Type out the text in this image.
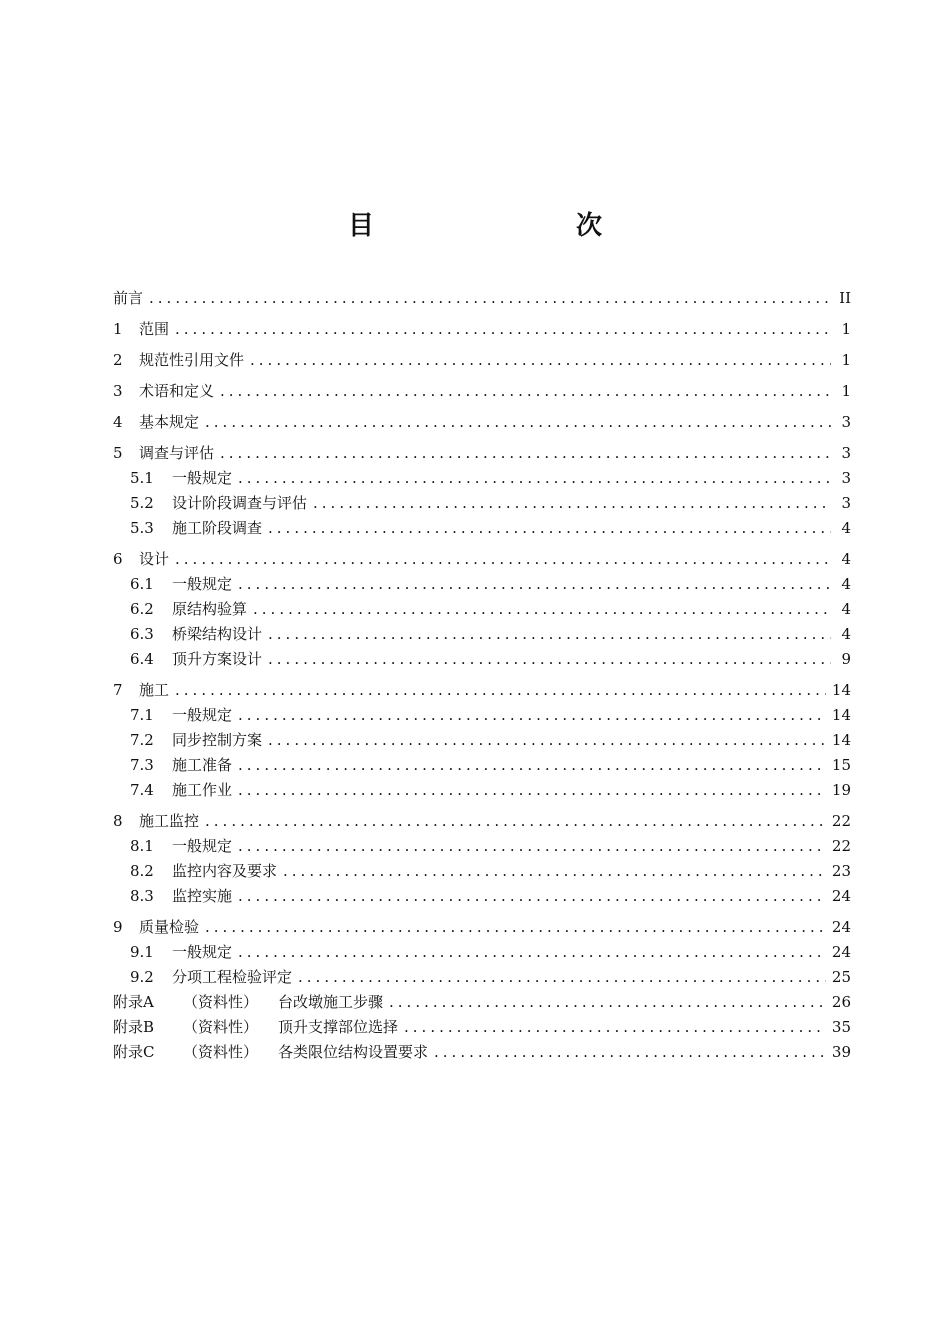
目　　次
前言 .....	II
1	范围 .....	1
2	规范性引用文件 .....	1
3	术语和定义 .....	1
4	基本规定 .....	3
5	调查与评估 .....	3
5.1	一般规定 .....	3
5.2	设计阶段调查与评估 .....	3
5.3	施工阶段调查 .....	4
6	设计 .....	4
6.1	一般规定 .....	4
6.2	原结构验算 .....	4
6.3	桥梁结构设计 .....	4
6.4	顶升方案设计 .....	9
7	施工 .....	14
7.1	一般规定 .....	14
7.2	同步控制方案 .....	14
7.3	施工准备 .....	15
7.4	施工作业 .....	19
8	施工监控 .....	22
8.1	一般规定 .....	22
8.2	监控内容及要求 .....	23
8.3	监控实施 .....	24
9	质量检验 .....	24
9.1	一般规定 .....	24
9.2	分项工程检验评定 .....	25
附录A	（资料性）	台改墩施工步骤 .....	26
附录B	（资料性）	顶升支撑部位选择 .....	35
附录C	（资料性）	各类限位结构设置要求 .....	39
